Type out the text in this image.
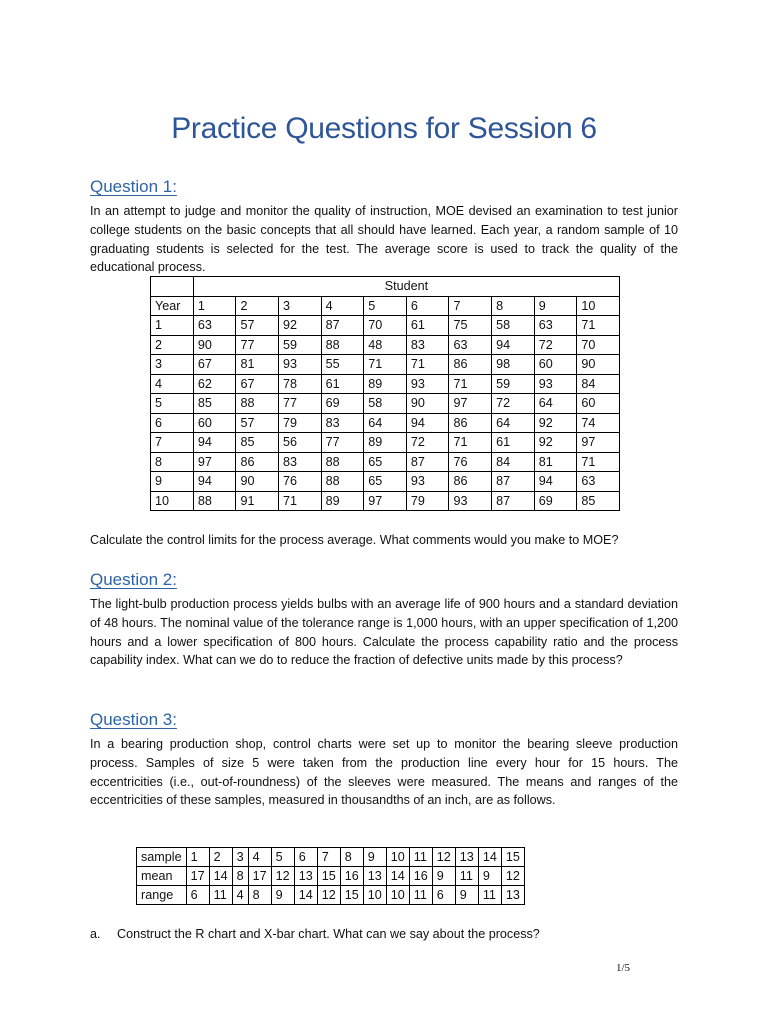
Practice Questions for Session 6
Question 1:
In an attempt to judge and monitor the quality of instruction, MOE devised an examination to test junior college students on the basic concepts that all should have learned. Each year, a random sample of 10 graduating students is selected for the test. The average score is used to track the quality of the educational process.
	Student									
Year	1	2	3	4	5	6	7	8	9	10
1	63	57	92	87	70	61	75	58	63	71
2	90	77	59	88	48	83	63	94	72	70
3	67	81	93	55	71	71	86	98	60	90
4	62	67	78	61	89	93	71	59	93	84
5	85	88	77	69	58	90	97	72	64	60
6	60	57	79	83	64	94	86	64	92	74
7	94	85	56	77	89	72	71	61	92	97
8	97	86	83	88	65	87	76	84	81	71
9	94	90	76	88	65	93	86	87	94	63
10	88	91	71	89	97	79	93	87	69	85
Calculate the control limits for the process average. What comments would you make to MOE?
Question 2:
The light-bulb production process yields bulbs with an average life of 900 hours and a standard deviation of 48 hours. The nominal value of the tolerance range is 1,000 hours, with an upper specification of 1,200 hours and a lower specification of 800 hours. Calculate the process capability ratio and the process capability index. What can we do to reduce the fraction of defective units made by this process?
Question 3:
In a bearing production shop, control charts were set up to monitor the bearing sleeve production process. Samples of size 5 were taken from the production line every hour for 15 hours. The eccentricities (i.e., out-of-roundness) of the sleeves were measured. The means and ranges of the eccentricities of these samples, measured in thousandths of an inch, are as follows.
sample	1	2	3	4	5	6	7	8	9	10	11	12	13	14	15
mean	17	14	8	17	12	13	15	16	13	14	16	9	11	9	12
range	6	11	4	8	9	14	12	15	10	10	11	6	9	11	13
a. Construct the R chart and X-bar chart. What can we say about the process?
1/5
